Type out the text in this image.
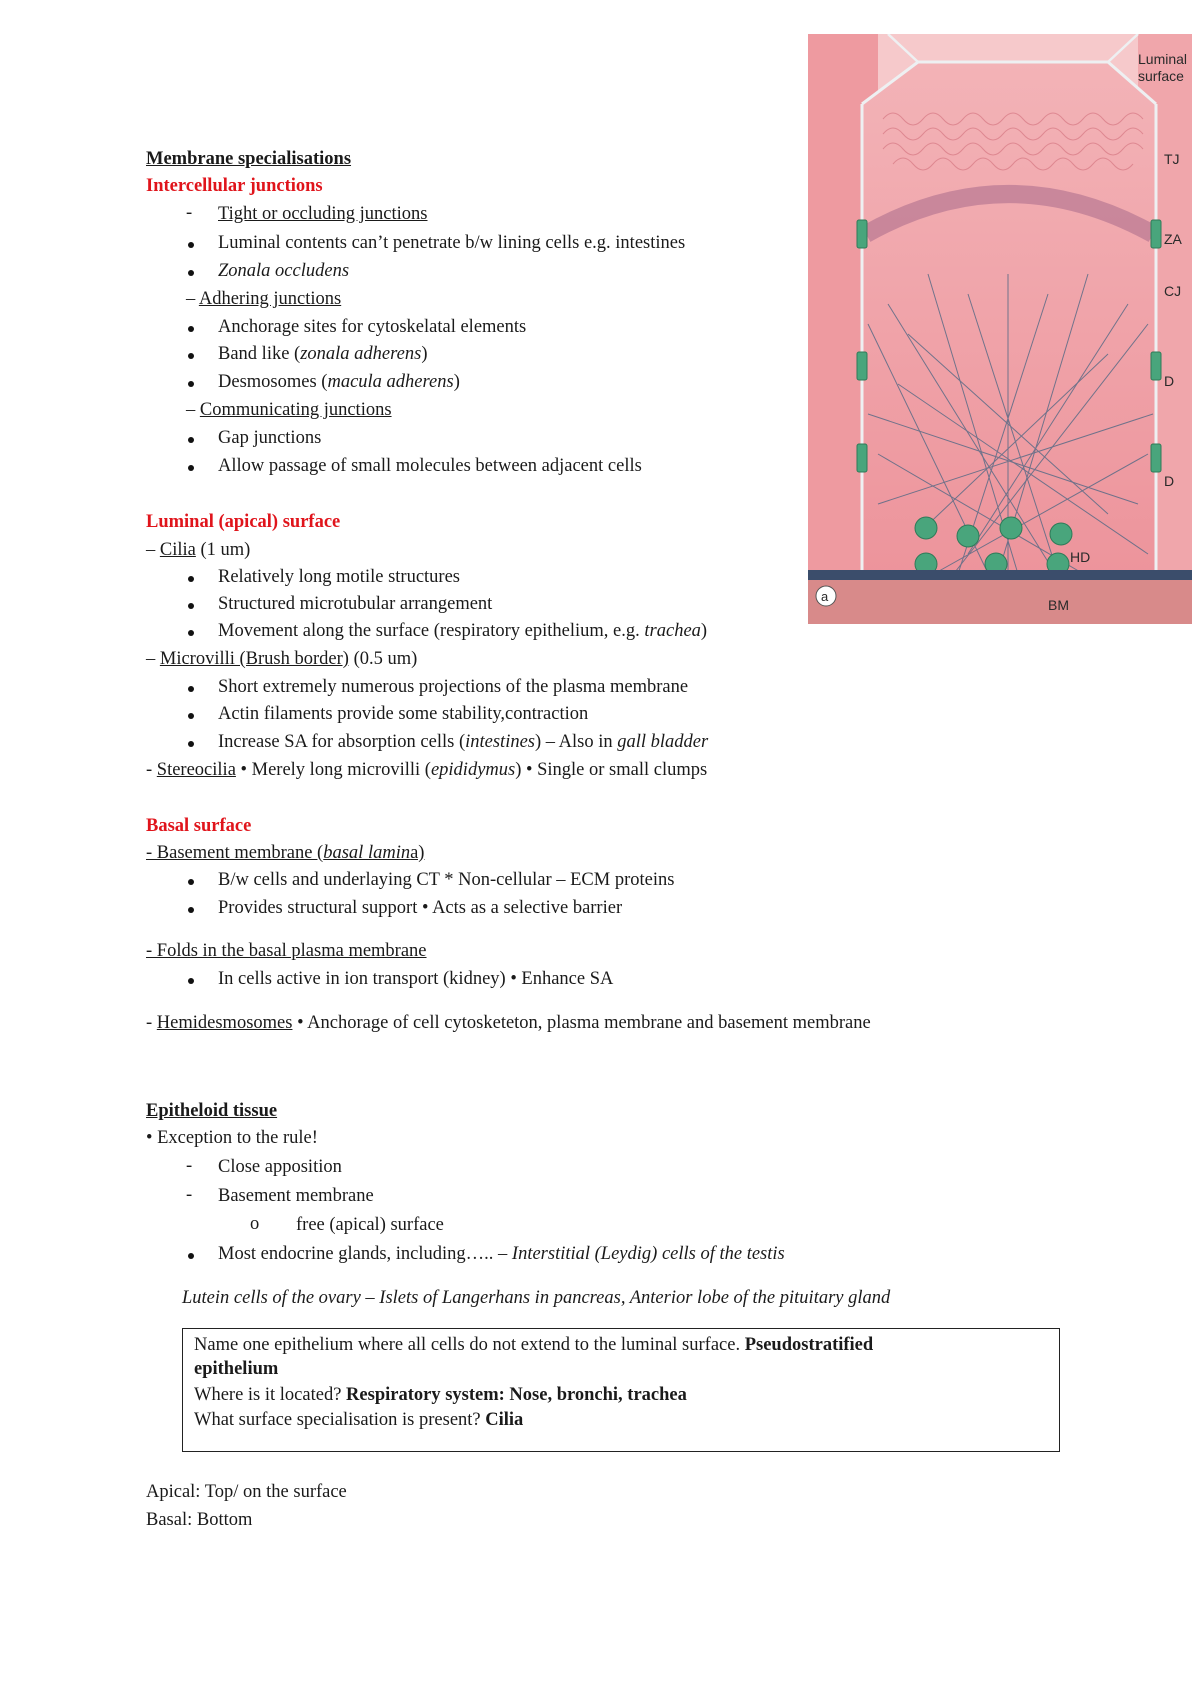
Membrane specialisations
Intercellular junctions
- Tight or occluding junctions
Luminal contents can’t penetrate b/w lining cells e.g. intestines
Zonala occludens
– Adhering junctions
Anchorage sites for cytoskelatal elements
Band like (zonala adherens)
Desmosomes (macula adherens)
– Communicating junctions
Gap junctions
Allow passage of small molecules between adjacent cells
Luminal (apical) surface
– Cilia (1 um)
Relatively long motile structures
Structured microtubular arrangement
Movement along the surface (respiratory epithelium, e.g. trachea)
– Microvilli (Brush border) (0.5 um)
Short extremely numerous projections of the plasma membrane
Actin filaments provide some stability,contraction
Increase SA for absorption cells (intestines) – Also in gall bladder
- Stereocilia • Merely long microvilli (epididymus) • Single or small clumps
Basal surface
- Basement membrane (basal lamina)
B/w cells and underlaying CT * Non-cellular – ECM proteins
Provides structural support • Acts as a selective barrier
- Folds in the basal plasma membrane
In cells active in ion transport (kidney) • Enhance SA
- Hemidesmosomes • Anchorage of cell cytosketeton, plasma membrane and basement membrane
Epitheloid tissue
• Exception to the rule!
- Close apposition
- Basement membrane
o free (apical) surface
Most endocrine glands, including….. – Interstitial (Leydig) cells of the testis
Lutein cells of the ovary – Islets of Langerhans in pancreas, Anterior lobe of the pituitary gland
Name one epithelium where all cells do not extend to the luminal surface. Pseudostratified
epithelium
Where is it located? Respiratory system: Nose, bronchi, trachea
What surface specialisation is present? Cilia
Apical: Top/ on the surface
Basal: Bottom
Luminal
surface
TJ
ZA
CJ
D
D
HD
BM
a
